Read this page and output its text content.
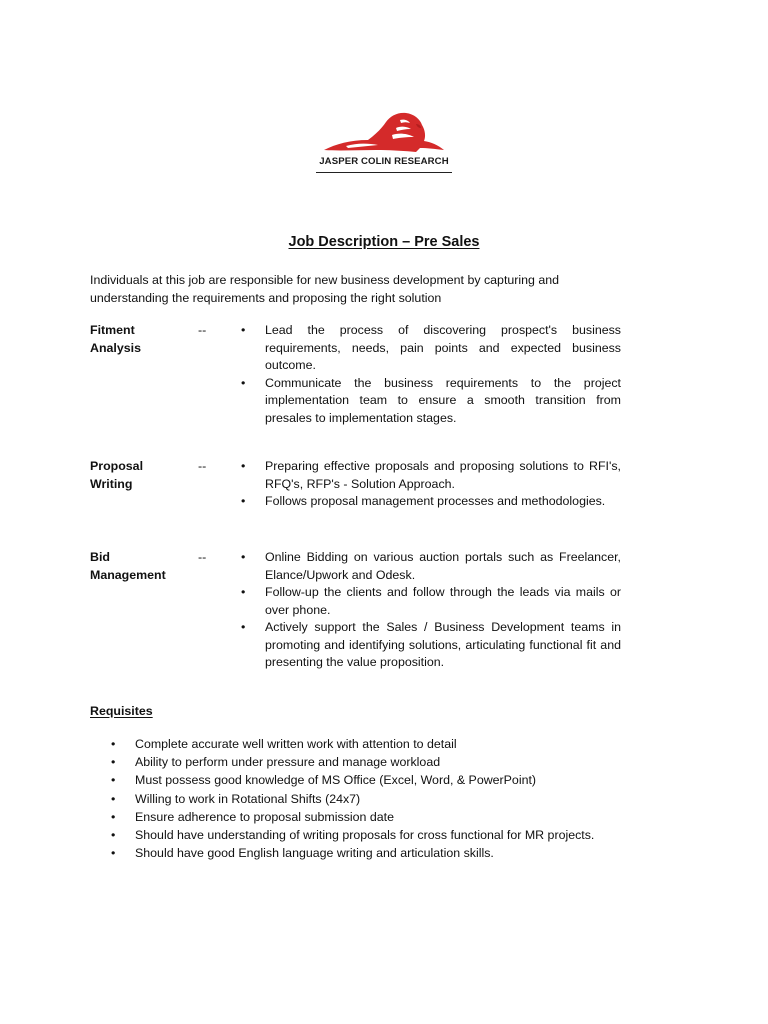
JASPER COLIN RESEARCH
Job Description – Pre Sales
Individuals at this job are responsible for new business development by capturing and understanding the requirements and proposing the right solution
Fitment
Analysis
--	• Lead the process of discovering prospect's business requirements, needs, pain points and expected business outcome.
• Communicate the business requirements to the project implementation team to ensure a smooth transition from presales to implementation stages.
Proposal
Writing
--	• Preparing effective proposals and proposing solutions to RFI's, RFQ's, RFP's - Solution Approach.
• Follows proposal management processes and methodologies.
Bid
Management
--	• Online Bidding on various auction portals such as Freelancer, Elance/Upwork and Odesk.
• Follow-up the clients and follow through the leads via mails or over phone.
• Actively support the Sales / Business Development teams in promoting and identifying solutions, articulating functional fit and presenting the value proposition.
Requisites
• Complete accurate well written work with attention to detail
• Ability to perform under pressure and manage workload
• Must possess good knowledge of MS Office (Excel, Word, & PowerPoint)
• Willing to work in Rotational Shifts (24x7)
• Ensure adherence to proposal submission date
• Should have understanding of writing proposals for cross functional for MR projects.
• Should have good English language writing and articulation skills.
